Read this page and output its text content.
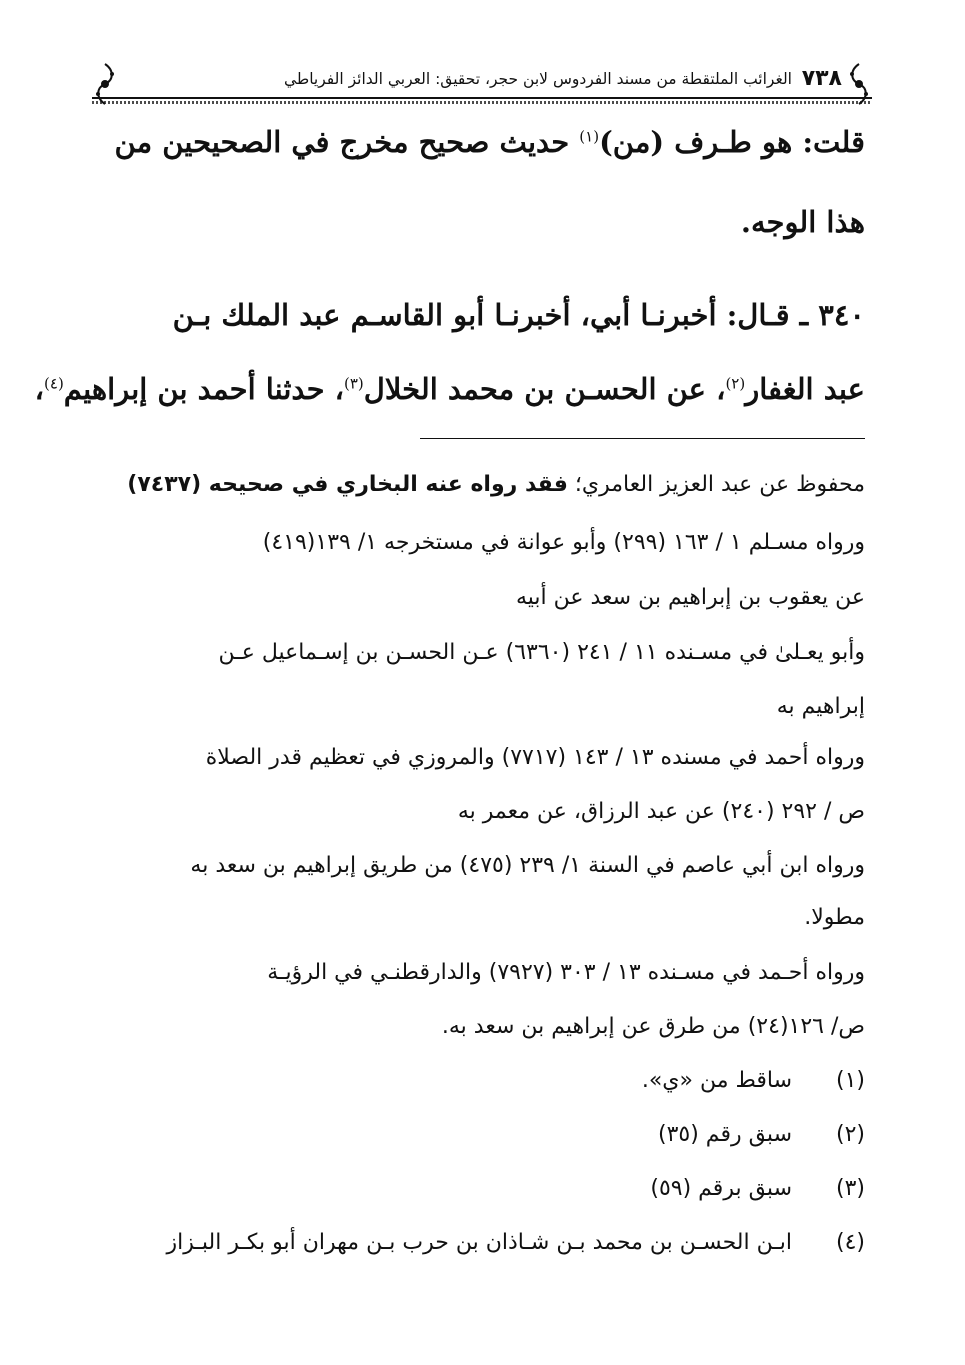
٧٣٨
الغرائب الملتقطة من مسند الفردوس لابن حجر، تحقيق: العربي الدائز الفرياطي
قلت: هو طـرف (من)$^{(١)}$ حديث صحيح مخرج في الصحيحين من
هذا الوجه.
٣٤٠ ـ قـال: أخبرنـا أبي، أخبرنـا أبو القاسـم عبد الملك بـن
عبد الغفار$^{(٢)}$، عن الحسـن بن محمد الخلال$^{(٣)}$، حدثنا أحمد بن إبراهيم$^{(٤)}$،
محفوظ عن عبد العزيز العامري؛ فقد رواه عنه البخاري في صحيحه (٧٤٣٧)
ورواه مسـلم ١ / ١٦٣ (٢٩٩) وأبو عوانة في مستخرجه ١/ ١٣٩(٤١٩)
عن يعقوب بن إبراهيم بن سعد عن أبيه
وأبو يعـلىٰ في مسـنده ١١ / ٢٤١ (٦٣٦٠) عـن الحسـن بن إسـماعيل عـن
إبراهيم به
ورواه أحمد في مسنده ١٣ / ١٤٣ (٧٧١٧) والمروزي في تعظيم قدر الصلاة
ص / ٢٩٢ (٢٤٠) عن عبد الرزاق، عن معمر به
ورواه ابن أبي عاصم في السنة ١/ ٢٣٩ (٤٧٥) من طريق إبراهيم بن سعد به
مطولا.
ورواه أحـمد في مسـنده ١٣ / ٣٠٣ (٧٩٢٧) والدارقطنـي في الرؤيـة
ص/ ١٢٦(٢٤) من طرق عن إبراهيم بن سعد به.
(١)   ساقط من «ي».
(٢)   سبق رقم (٣٥)
(٣)   سبق برقم (٥٩)
(٤)   ابـن الحسـن بن محمد بـن شـاذان بن حرب بـن مهران أبو بكـر البـزاز
